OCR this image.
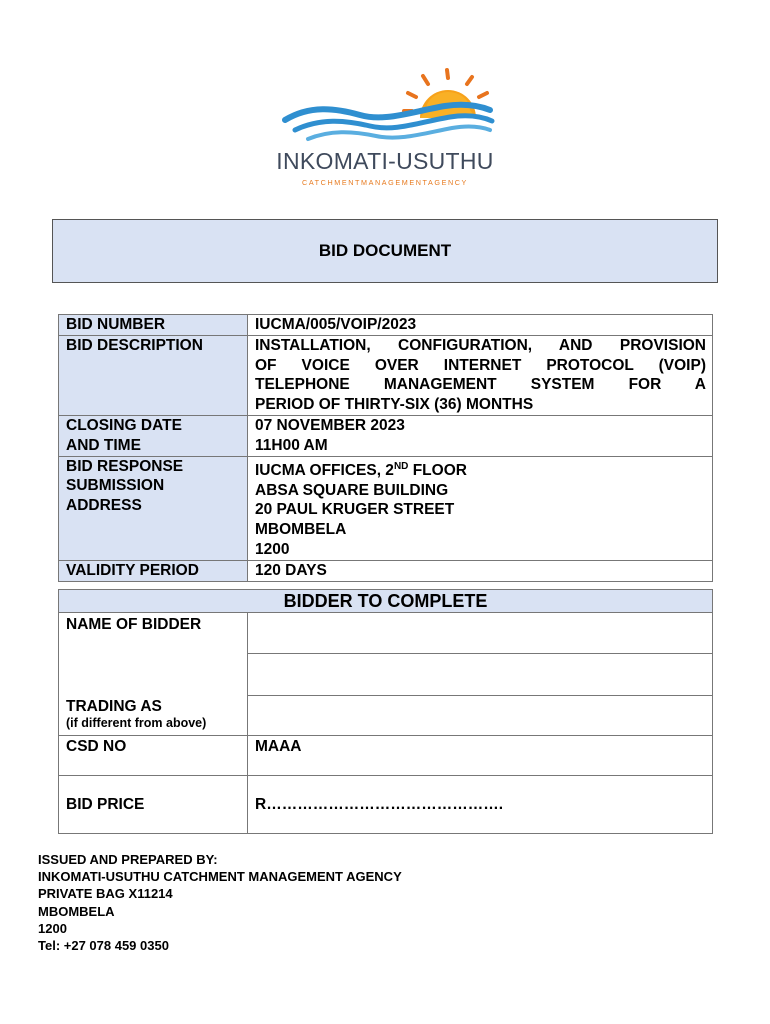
INKOMATI-USUTHU
CATCHMENTMANAGEMENTAGENCY
BID DOCUMENT
BID NUMBER	IUCMA/005/VOIP/2023
BID DESCRIPTION	INSTALLATION, CONFIGURATION, AND PROVISION
OF VOICE OVER INTERNET PROTOCOL (VOIP)
TELEPHONE MANAGEMENT SYSTEM FOR A
PERIOD OF THIRTY-SIX (36) MONTHS

CLOSING DATE
AND TIME	07 NOVEMBER 2023
11H00 AM

BID RESPONSE
SUBMISSION
ADDRESS	IUCMA OFFICES, 2ND FLOOR
ABSA SQUARE BUILDING
20 PAUL KRUGER STREET
MBOMBELA
1200

VALIDITY PERIOD	120 DAYS
BIDDER TO COMPLETE	
NAME OF BIDDER	

TRADING AS
(if different from above)	

CSD NO	MAAA
BID PRICE	R……………………………………….
ISSUED AND PREPARED BY:
INKOMATI-USUTHU CATCHMENT MANAGEMENT AGENCY
PRIVATE BAG X11214
MBOMBELA
1200
Tel: +27 078 459 0350
